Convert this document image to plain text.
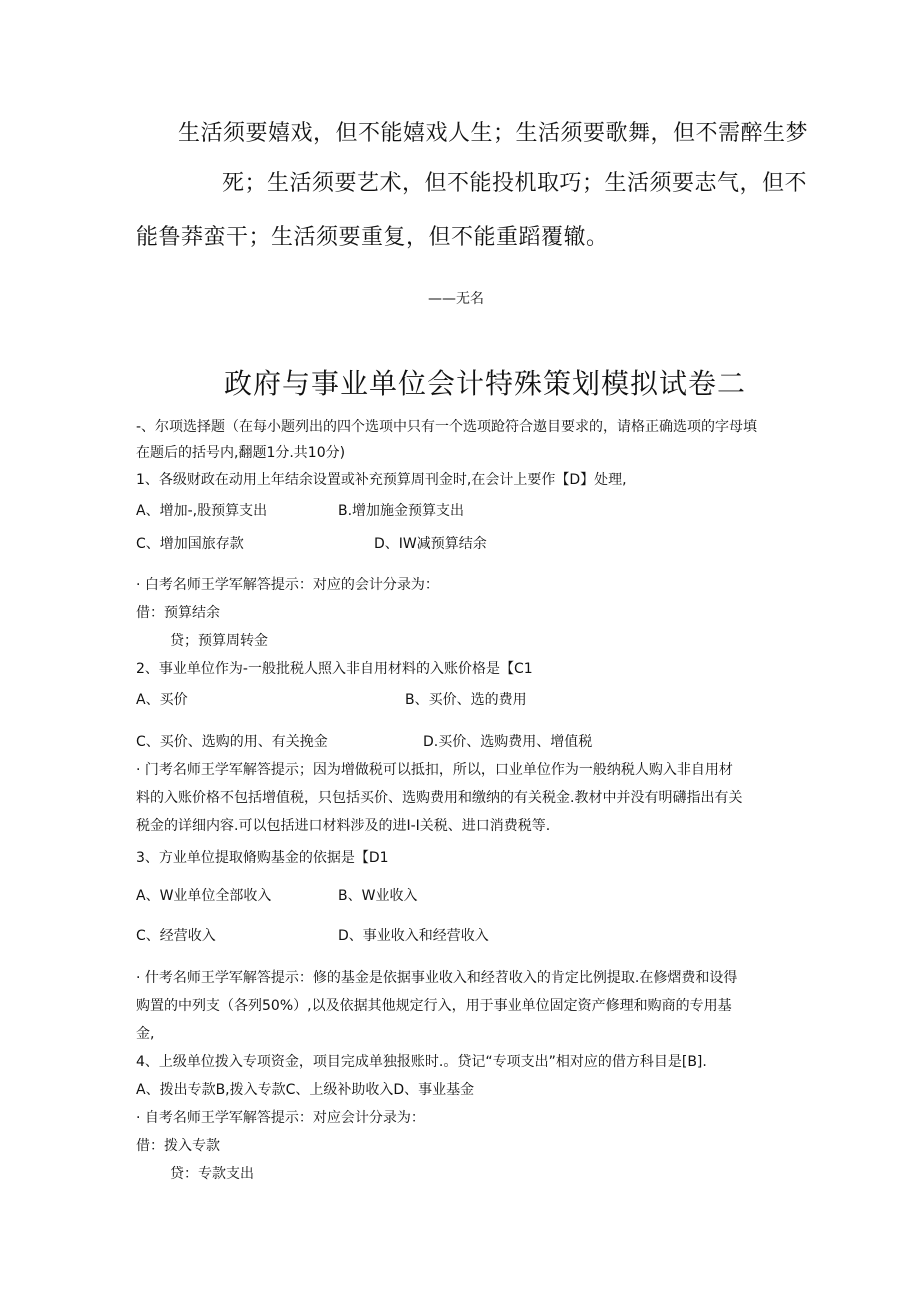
生活须要嬉戏，但不能嬉戏人生；生活须要歌舞，但不需醉生梦
死；生活须要艺术，但不能投机取巧；生活须要志气，但不
能鲁莽蛮干；生活须要重复，但不能重蹈覆辙。
——无名
政府与事业单位会计特殊策划模拟试卷二
-、尔项选择题（在每小题列出的四个选项中只有一个选项跄符合遨目要求的，请格正确选项的字母填
在题后的括号内,翻题1分.共10分)
1、各级财政在动用上年结余设置或补充预算周刊金时,在会计上要作【D】处理,
A、增加-,股预算支出	B.增加施金预算支出
C、增加国旅存款	D、IW减预算结余
· 白考名师王学军解答提示：对应的会计分录为：
借：预算结余
贷；预算周转金
2、事业单位作为-一般批税人照入非自用材料的入账价格是【C1
A、买价	B、买价、选的费用
C、买价、选购的用、有关挽金	D.买价、选购费用、增值税
· 门考名师王学军解答提示；因为增做税可以抵扣，所以，口业单位作为一般纳税人购入非自用材
料的入账价格不包括增值税，只包括买价、选购费用和缴纳的有关税金.教材中并没有明礴指出有关
税金的详细内容.可以包括进口材料涉及的进I-I关税、进口消费税等.
3、方业单位提取脩购基金的依据是【D1
A、W业单位全部收入	B、W业收入
C、经营收入	D、事业收入和经营收入
· 什考名师王学军解答提示：修的基金是依据事业收入和经苕收入的肯定比例提取.在修熠费和设得
购置的中列支（各列50%）,以及依据其他规定行入，用于事业单位固定资产修理和购商的专用基
金,
4、上级单位拨入专项资金，项目完成单独报账时.。贷记“专项支出”相对应的借方科目是[B].
A、拨出专款B,拨入专款C、上级补助收入D、事业基金
· 自考名师王学军解答提示：对应会计分录为：
借：拨入专款
贷：专款支出
